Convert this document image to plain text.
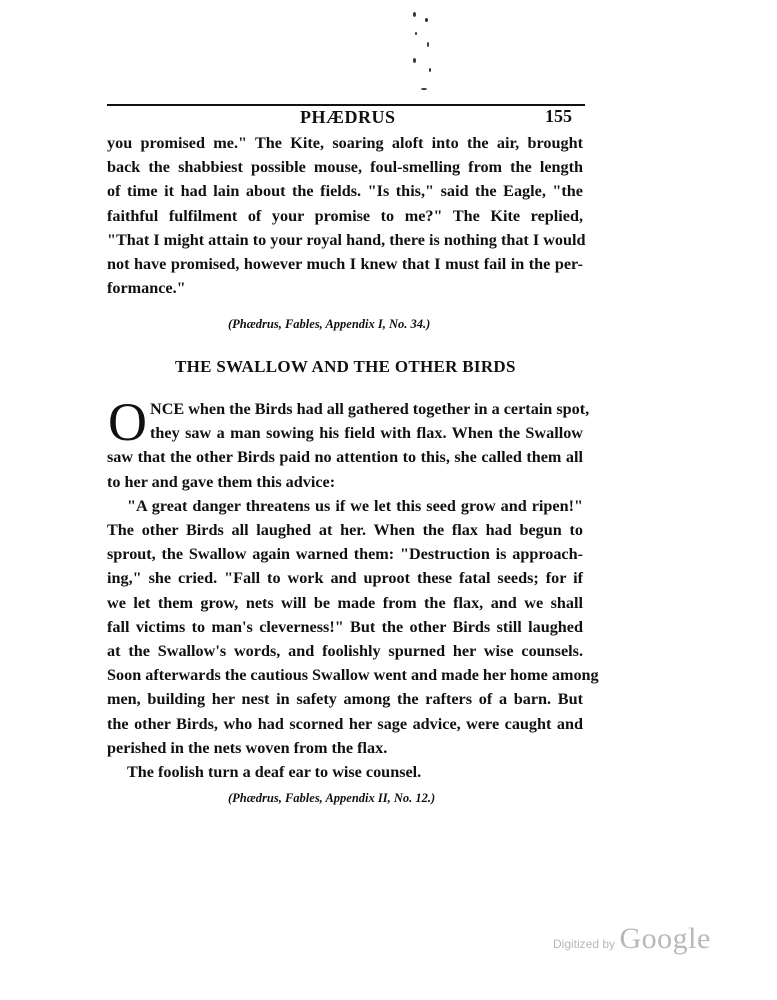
PHÆDRUS	155

you promised me." The Kite, soaring aloft into the air, brought
back the shabbiest possible mouse, foul-smelling from the length
of time it had lain about the fields. "Is this," said the Eagle, "the
faithful fulfilment of your promise to me?" The Kite replied,
"That I might attain to your royal hand, there is nothing that I would
not have promised, however much I knew that I must fail in the per-
formance."

(Phædrus, Fables, Appendix I, No. 34.)
THE SWALLOW AND THE OTHER BIRDS
O NCE when the Birds had all gathered together in a certain spot,
they saw a man sowing his field with flax. When the Swallow
saw that the other Birds paid no attention to this, she called them all
to her and gave them this advice:
"A great danger threatens us if we let this seed grow and ripen!"
The other Birds all laughed at her. When the flax had begun to
sprout, the Swallow again warned them: "Destruction is approach-
ing," she cried. "Fall to work and uproot these fatal seeds; for if
we let them grow, nets will be made from the flax, and we shall
fall victims to man's cleverness!" But the other Birds still laughed
at the Swallow's words, and foolishly spurned her wise counsels.
Soon afterwards the cautious Swallow went and made her home among
men, building her nest in safety among the rafters of a barn. But
the other Birds, who had scorned her sage advice, were caught and
perished in the nets woven from the flax.
The foolish turn a deaf ear to wise counsel.

(Phædrus, Fables, Appendix II, No. 12.)
Digitized by Google
